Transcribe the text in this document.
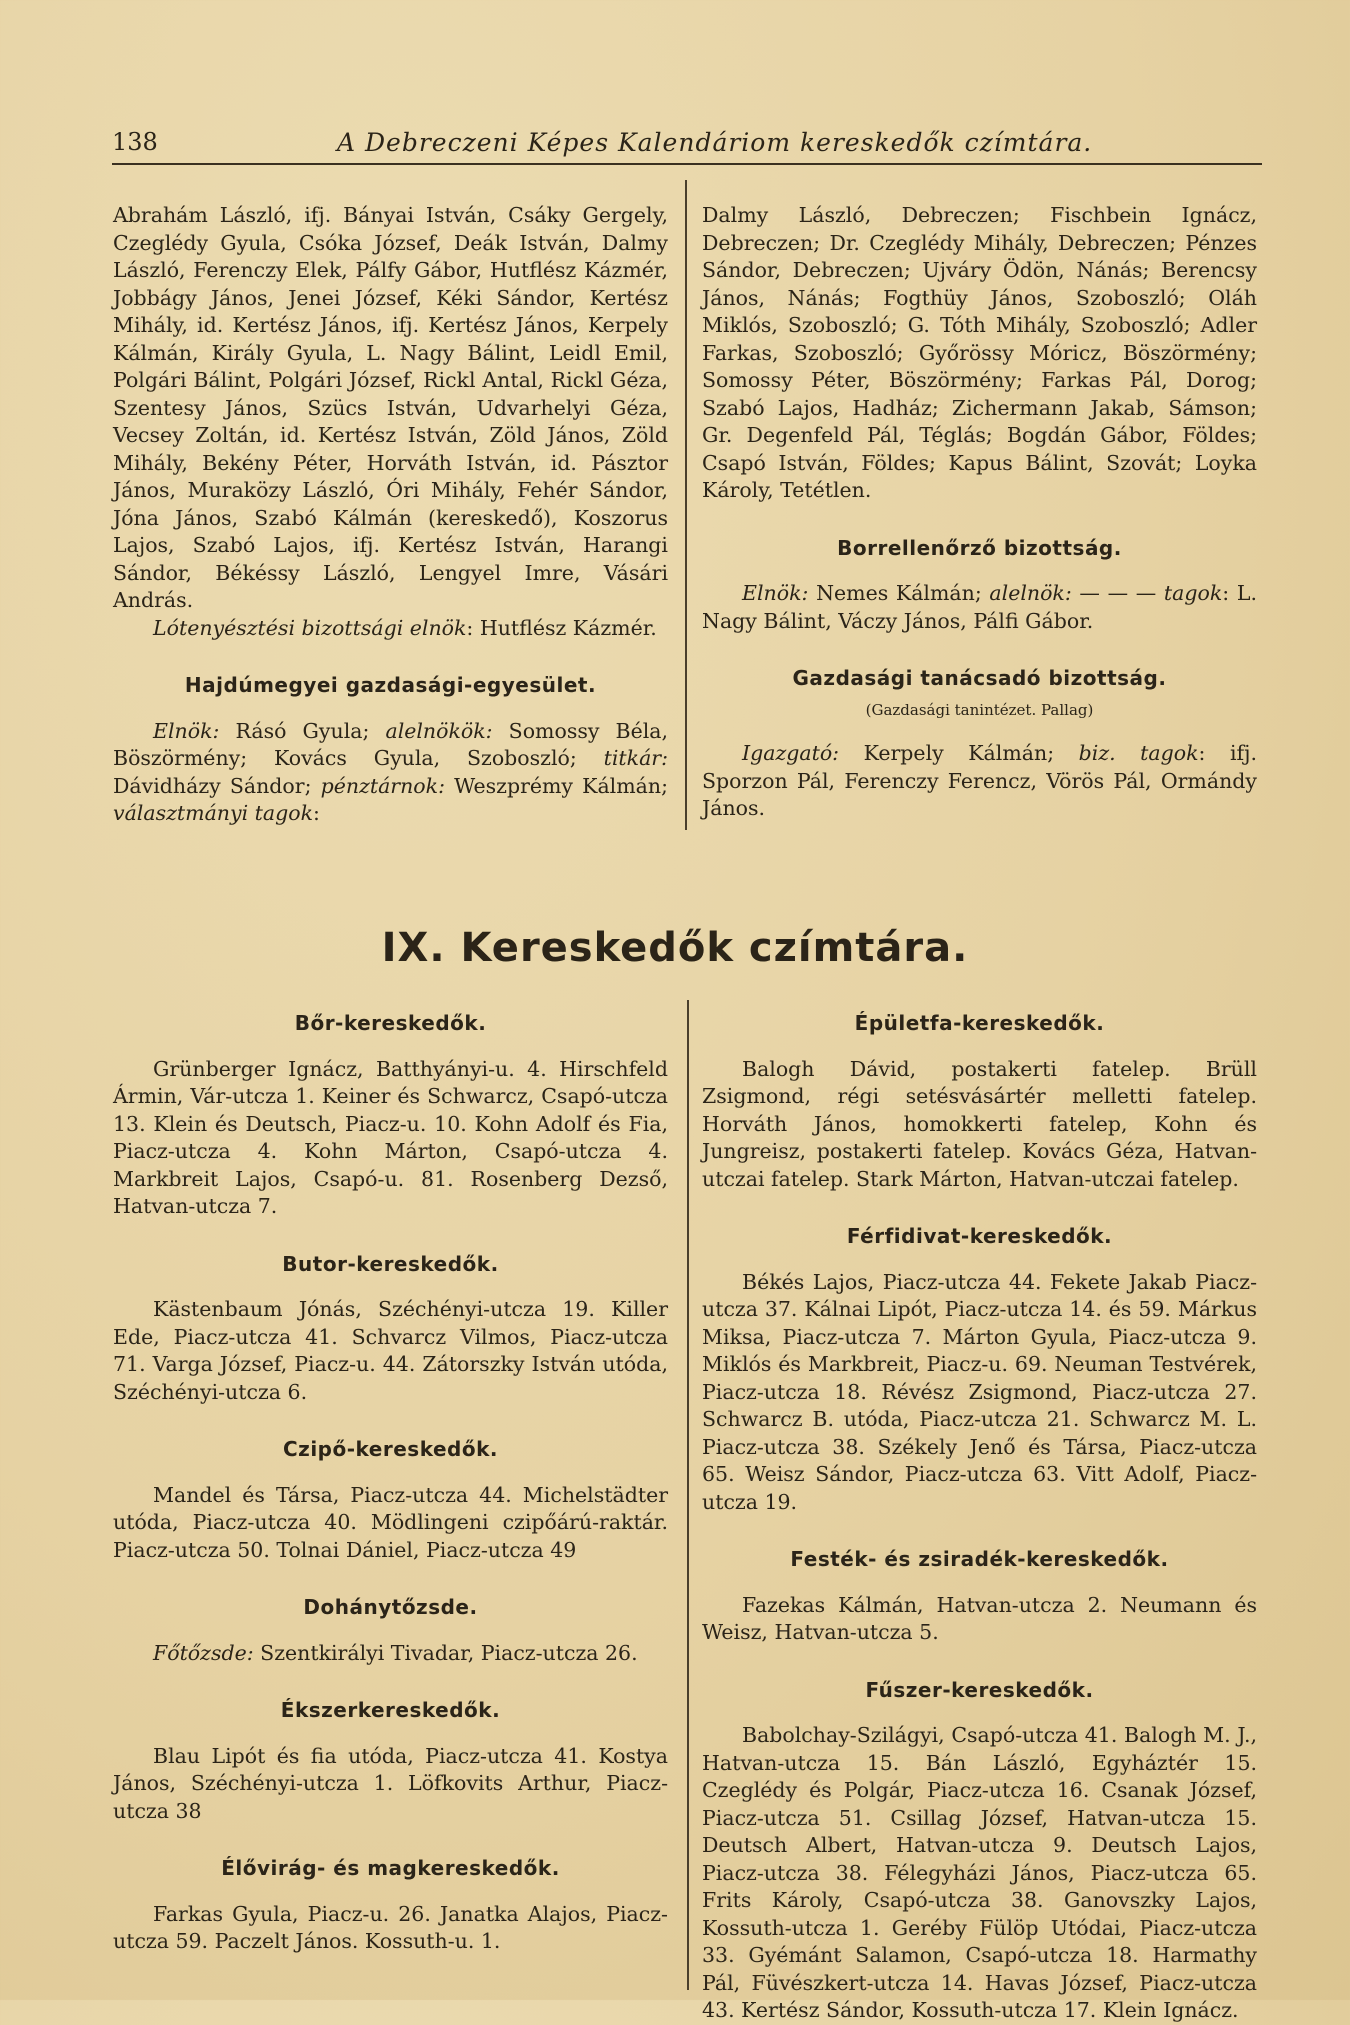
138	A Debreczeni Képes Kalendáriom kereskedők czímtára.

Abrahám László, ifj. Bányai István, Csáky Gergely, Czeglédy Gyula, Csóka József, Deák István, Dalmy László, Ferenczy Elek, Pálfy Gábor, Hutflész Kázmér, Jobbágy János, Jenei József, Kéki Sándor, Kertész Mihály, id. Kertész János, ifj. Kertész János, Kerpely Kálmán, Király Gyula, L. Nagy Bálint, Leidl Emil, Polgári Bálint, Polgári József, Rickl Antal, Rickl Géza, Szentesy János, Szücs István, Udvarhelyi Géza, Vecsey Zoltán, id. Kertész István, Zöld János, Zöld Mihály, Bekény Péter, Horváth István, id. Pásztor János, Muraközy László, Óri Mihály, Fehér Sándor, Jóna János, Szabó Kálmán (kereskedő), Koszorus Lajos, Szabó Lajos, ifj. Kertész István, Harangi Sándor, Békéssy László, Lengyel Imre, Vásári András.

Lótenyésztési bizottsági elnök: Hutflész Kázmér.

Hajdúmegyei gazdasági-egyesület.

Elnök: Rásó Gyula; alelnökök: Somossy Béla, Böszörmény; Kovács Gyula, Szoboszló; titkár: Dávidházy Sándor; pénztárnok: Weszprémy Kálmán; választmányi tagok:

Dalmy László, Debreczen; Fischbein Ignácz, Debreczen; Dr. Czeglédy Mihály, Debreczen; Pénzes Sándor, Debreczen; Ujváry Ödön, Nánás; Berencsy János, Nánás; Fogthüy János, Szoboszló; Oláh Miklós, Szoboszló; G. Tóth Mihály, Szoboszló; Adler Farkas, Szoboszló; Győrössy Móricz, Böszörmény; Somossy Péter, Böszörmény; Farkas Pál, Dorog; Szabó Lajos, Hadház; Zichermann Jakab, Sámson; Gr. Degenfeld Pál, Téglás; Bogdán Gábor, Földes; Csapó István, Földes; Kapus Bálint, Szovát; Loyka Károly, Tetétlen.

Borrellenőrző bizottság.

Elnök: Nemes Kálmán; alelnök: — — — tagok: L. Nagy Bálint, Váczy János, Pálfi Gábor.

Gazdasági tanácsadó bizottság.
(Gazdasági tanintézet. Pallag)

Igazgató: Kerpely Kálmán; biz. tagok: ifj. Sporzon Pál, Ferenczy Ferencz, Vörös Pál, Ormándy János.

IX. Kereskedők czímtára.
Bőr-kereskedők.

Grünberger Ignácz, Batthyányi-u. 4. Hirschfeld Ármin, Vár-utcza 1. Keiner és Schwarcz, Csapó-utcza 13. Klein és Deutsch, Piacz-u. 10. Kohn Adolf és Fia, Piacz-utcza 4. Kohn Márton, Csapó-utcza 4. Markbreit Lajos, Csapó-u. 81. Rosenberg Dezső, Hatvan-utcza 7.

Butor-kereskedők.

Kästenbaum Jónás, Széchényi-utcza 19. Killer Ede, Piacz-utcza 41. Schvarcz Vilmos, Piacz-utcza 71. Varga József, Piacz-u. 44. Zátorszky István utóda, Széchényi-utcza 6.

Czipő-kereskedők.

Mandel és Társa, Piacz-utcza 44. Michelstädter utóda, Piacz-utcza 40. Mödlingeni czipőárú-raktár. Piacz-utcza 50. Tolnai Dániel, Piacz-utcza 49

Dohánytőzsde.

Főtőzsde: Szentkirályi Tivadar, Piacz-utcza 26.

Ékszerkereskedők.

Blau Lipót és fia utóda, Piacz-utcza 41. Kostya János, Széchényi-utcza 1. Löfkovits Arthur, Piacz-utcza 38

Élővirág- és magkereskedők.

Farkas Gyula, Piacz-u. 26. Janatka Alajos, Piacz-utcza 59. Paczelt János. Kossuth-u. 1.

Épületfa-kereskedők.

Balogh Dávid, postakerti fatelep. Brüll Zsigmond, régi setésvásártér melletti fatelep. Horváth János, homokkerti fatelep, Kohn és Jungreisz, postakerti fatelep. Kovács Géza, Hatvan-utczai fatelep. Stark Márton, Hatvan-utczai fatelep.

Férfidivat-kereskedők.

Békés Lajos, Piacz-utcza 44. Fekete Jakab Piacz-utcza 37. Kálnai Lipót, Piacz-utcza 14. és 59. Márkus Miksa, Piacz-utcza 7. Márton Gyula, Piacz-utcza 9. Miklós és Markbreit, Piacz-u. 69. Neuman Testvérek, Piacz-utcza 18. Révész Zsigmond, Piacz-utcza 27. Schwarcz B. utóda, Piacz-utcza 21. Schwarcz M. L. Piacz-utcza 38. Székely Jenő és Társa, Piacz-utcza 65. Weisz Sándor, Piacz-utcza 63. Vitt Adolf, Piacz-utcza 19.

Festék- és zsiradék-kereskedők.

Fazekas Kálmán, Hatvan-utcza 2. Neumann és Weisz, Hatvan-utcza 5.

Fűszer-kereskedők.

Babolchay-Szilágyi, Csapó-utcza 41. Balogh M. J., Hatvan-utcza 15. Bán László, Egyháztér 15. Czeglédy és Polgár, Piacz-utcza 16. Csanak József, Piacz-utcza 51. Csillag József, Hatvan-utcza 15. Deutsch Albert, Hatvan-utcza 9. Deutsch Lajos, Piacz-utcza 38. Félegyházi János, Piacz-utcza 65. Frits Károly, Csapó-utcza 38. Ganovszky Lajos, Kossuth-utcza 1. Geréby Fülöp Utódai, Piacz-utcza 33. Gyémánt Salamon, Csapó-utcza 18. Harmathy Pál, Füvészkert-utcza 14. Havas József, Piacz-utcza 43. Kertész Sándor, Kossuth-utcza 17. Klein Ignácz.
